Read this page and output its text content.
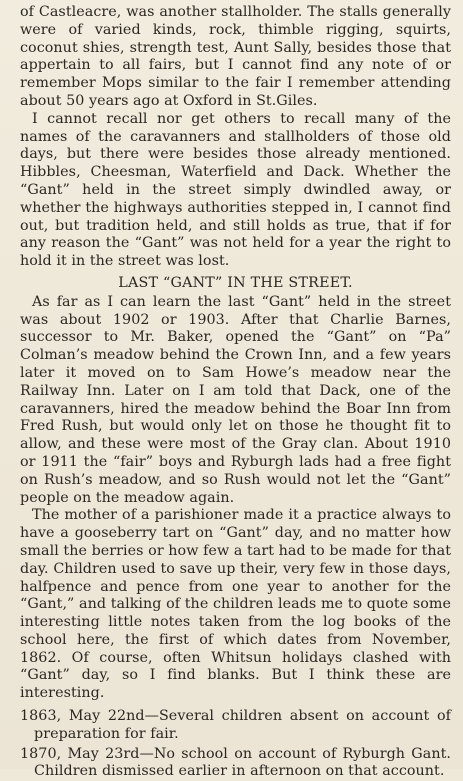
of Castleacre, was another stallholder. The stalls generally were of varied kinds, rock, thimble rigging, squirts, coconut shies, strength test, Aunt Sally, besides those that appertain to all fairs, but I cannot find any note of or remember Mops similar to the fair I remember attending about 50 years ago at Oxford in St.Giles.

I cannot recall nor get others to recall many of the names of the caravanners and stallholders of those old days, but there were besides those already mentioned. Hibbles, Cheesman, Waterfield and Dack. Whether the “Gant” held in the street simply dwindled away, or whether the highways authorities stepped in, I cannot find out, but tradition held, and still holds as true, that if for any reason the “Gant” was not held for a year the right to hold it in the street was lost.

LAST “GANT” IN THE STREET.

As far as I can learn the last “Gant” held in the street was about 1902 or 1903. After that Charlie Barnes, successor to Mr. Baker, opened the “Gant” on “Pa” Colman’s meadow behind the Crown Inn, and a few years later it moved on to Sam Howe’s meadow near the Railway Inn. Later on I am told that Dack, one of the caravanners, hired the meadow behind the Boar Inn from Fred Rush, but would only let on those he thought fit to allow, and these were most of the Gray clan. About 1910 or 1911 the “fair” boys and Ryburgh lads had a free fight on Rush’s meadow, and so Rush would not let the “Gant” people on the meadow again.

The mother of a parishioner made it a practice always to have a gooseberry tart on “Gant” day, and no matter how small the berries or how few a tart had to be made for that day. Children used to save up their, very few in those days, halfpence and pence from one year to another for the “Gant,” and talking of the children leads me to quote some interesting little notes taken from the log books of the school here, the first of which dates from November, 1862. Of course, often Whitsun holidays clashed with “Gant” day, so I find blanks. But I think these are interesting.

1863, May 22nd—Several children absent on account of preparation for fair.

1870, May 23rd—No school on account of Ryburgh Gant. Children dismissed earlier in afternoon on that account.
